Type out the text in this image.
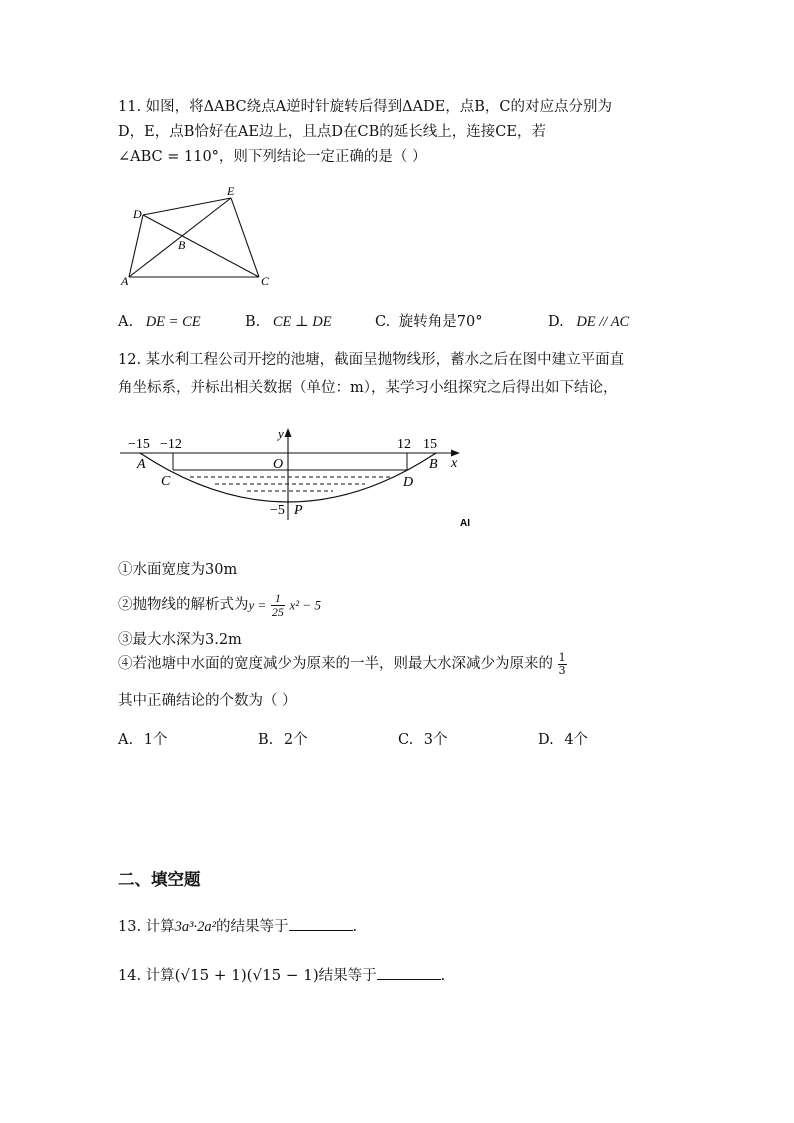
11. 如图，将ΔABC绕点A逆时针旋转后得到ΔADE，点B，C的对应点分别为
D，E，点B恰好在AE边上，且点D在CB的延长线上，连接CE，若
∠ABC = 110°，则下列结论一定正确的是（ ）
D
E
B
A	C
A. DE = CE	B. CE ⊥ DE	C. 旋转角是70°	D. DE // AC
12. 某水利工程公司开挖的池塘，截面呈抛物线形，蓄水之后在图中建立平面直
角坐标系，并标出相关数据（单位：m），某学习小组探究之后得出如下结论，
−15 −12	12 15
y
x
A	B
C	D
O
−5 P
AI
①水面宽度为30m
②抛物线的解析式为$y = \frac{1}{25} x^2 - 5$
③最大水深为3.2m
④若池塘中水面的宽度减少为原来的一半，则最大水深减少为原来的 $\frac{1}{3}$
其中正确结论的个数为（ ）
A. 1个	B. 2个	C. 3个	D. 4个
二、填空题
13. 计算3a³·2a²的结果等于	.
14. 计算(√15 + 1)(√15 − 1)结果等于	.
